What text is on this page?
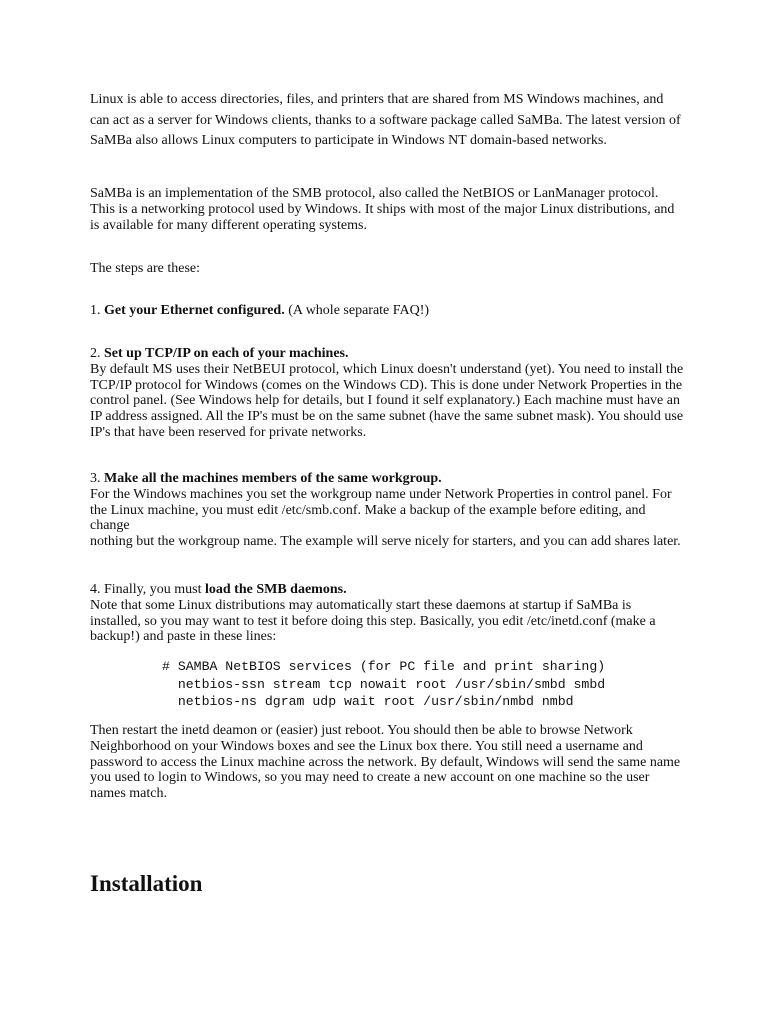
Linux is able to access directories, files, and printers that are shared from MS Windows machines, and can act as a server for Windows clients, thanks to a software package called SaMBa. The latest version of SaMBa also allows Linux computers to participate in Windows NT domain-based networks.

SaMBa is an implementation of the SMB protocol, also called the NetBIOS or LanManager protocol. This is a networking protocol used by Windows. It ships with most of the major Linux distributions, and is available for many different operating systems.

The steps are these:

1. Get your Ethernet configured. (A whole separate FAQ!)

2. Set up TCP/IP on each of your machines.
By default MS uses their NetBEUI protocol, which Linux doesn't understand (yet). You need to install the TCP/IP protocol for Windows (comes on the Windows CD). This is done under Network Properties in the control panel. (See Windows help for details, but I found it self explanatory.) Each machine must have an IP address assigned. All the IP's must be on the same subnet (have the same subnet mask). You should use IP's that have been reserved for private networks.
3. Make all the machines members of the same workgroup.
For the Windows machines you set the workgroup name under Network Properties in control panel. For the Linux machine, you must edit /etc/smb.conf. Make a backup of the example before editing, and change
nothing but the workgroup name. The example will serve nicely for starters, and you can add shares later.
4. Finally, you must load the SMB daemons.
Note that some Linux distributions may automatically start these daemons at startup if SaMBa is installed, so you may want to test it before doing this step. Basically, you edit /etc/inetd.conf (make a backup!) and paste in these lines:
# SAMBA NetBIOS services (for PC file and print sharing)
netbios-ssn stream tcp nowait root /usr/sbin/smbd smbd
netbios-ns dgram udp wait root /usr/sbin/nmbd nmbd

Then restart the inetd deamon or (easier) just reboot. You should then be able to browse Network Neighborhood on your Windows boxes and see the Linux box there. You still need a username and password to access the Linux machine across the network. By default, Windows will send the same name you used to login to Windows, so you may need to create a new account on one machine so the user names match.

Installation
